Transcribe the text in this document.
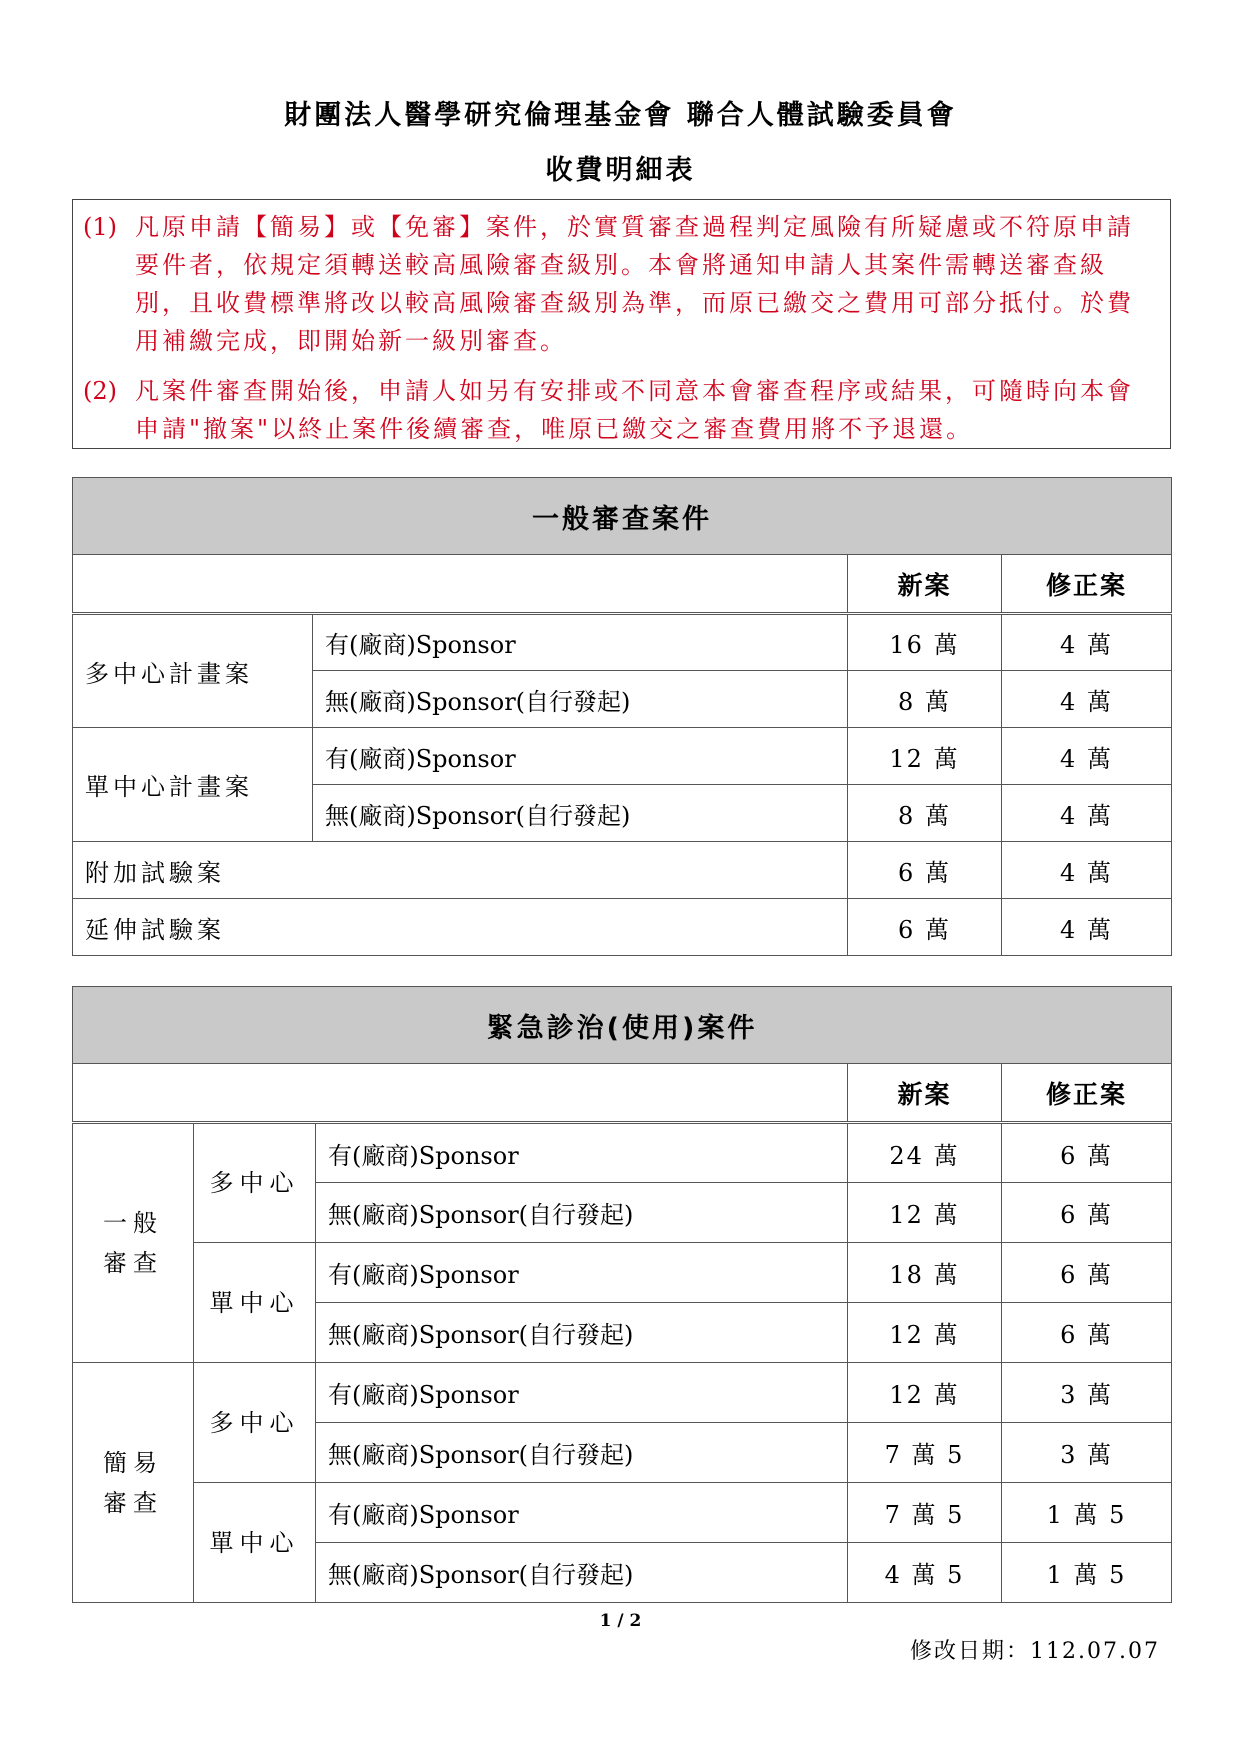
財團法人醫學研究倫理基金會 聯合人體試驗委員會
收費明細表
(1) 凡原申請【簡易】或【免審】案件，於實質審查過程判定風險有所疑慮或不符原申請要件者，依規定須轉送較高風險審查級別。本會將通知申請人其案件需轉送審查級別，且收費標準將改以較高風險審查級別為準，而原已繳交之費用可部分抵付。於費用補繳完成，即開始新一級別審查。
(2) 凡案件審查開始後，申請人如另有安排或不同意本會審查程序或結果，可隨時向本會申請"撤案"以終止案件後續審查，唯原已繳交之審查費用將不予退還。
一般審查案件			
		新案	修正案
多中心計畫案	有(廠商)Sponsor	16 萬	4 萬
	無(廠商)Sponsor(自行發起)	8 萬	4 萬
單中心計畫案	有(廠商)Sponsor	12 萬	4 萬
	無(廠商)Sponsor(自行發起)	8 萬	4 萬
附加試驗案		6 萬	4 萬
延伸試驗案		6 萬	4 萬
緊急診治(使用)案件				
			新案	修正案
一般
審查	多中心	有(廠商)Sponsor	24 萬	6 萬
		無(廠商)Sponsor(自行發起)	12 萬	6 萬
	單中心	有(廠商)Sponsor	18 萬	6 萬
		無(廠商)Sponsor(自行發起)	12 萬	6 萬
簡易
審查	多中心	有(廠商)Sponsor	12 萬	3 萬
		無(廠商)Sponsor(自行發起)	7 萬 5	3 萬
	單中心	有(廠商)Sponsor	7 萬 5	1 萬 5
		無(廠商)Sponsor(自行發起)	4 萬 5	1 萬 5
1 / 2
修改日期：112.07.07
